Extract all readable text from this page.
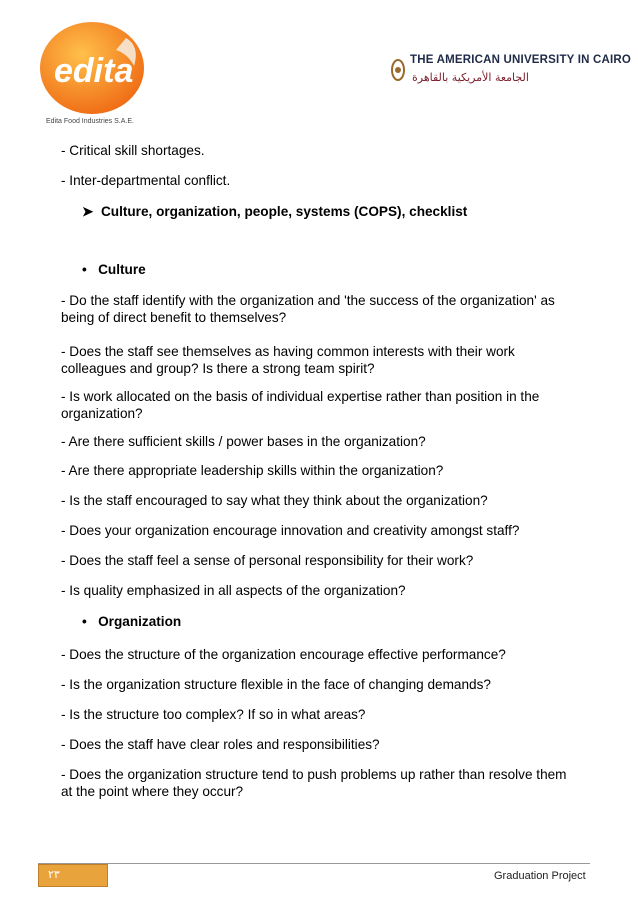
edita
Edita Food Industries S.A.E.
THE AMERICAN UNIVERSITY IN CAIRO
الجامعة الأمريكية بالقاهرة
- Critical skill shortages.
- Inter-departmental conflict.
➤ Culture, organization, people, systems (COPS), checklist
• Culture
- Do the staff identify with the organization and 'the success of the organization' as being of direct benefit to themselves?
- Does the staff see themselves as having common interests with their work colleagues and group? Is there a strong team spirit?
- Is work allocated on the basis of individual expertise rather than position in the organization?
- Are there sufficient skills / power bases in the organization?
- Are there appropriate leadership skills within the organization?
- Is the staff encouraged to say what they think about the organization?
- Does your organization encourage innovation and creativity amongst staff?
- Does the staff feel a sense of personal responsibility for their work?
- Is quality emphasized in all aspects of the organization?
• Organization
- Does the structure of the organization encourage effective performance?
- Is the organization structure flexible in the face of changing demands?
- Is the structure too complex? If so in what areas?
- Does the staff have clear roles and responsibilities?
- Does the organization structure tend to push problems up rather than resolve them at the point where they occur?
٢٣	Graduation Project
